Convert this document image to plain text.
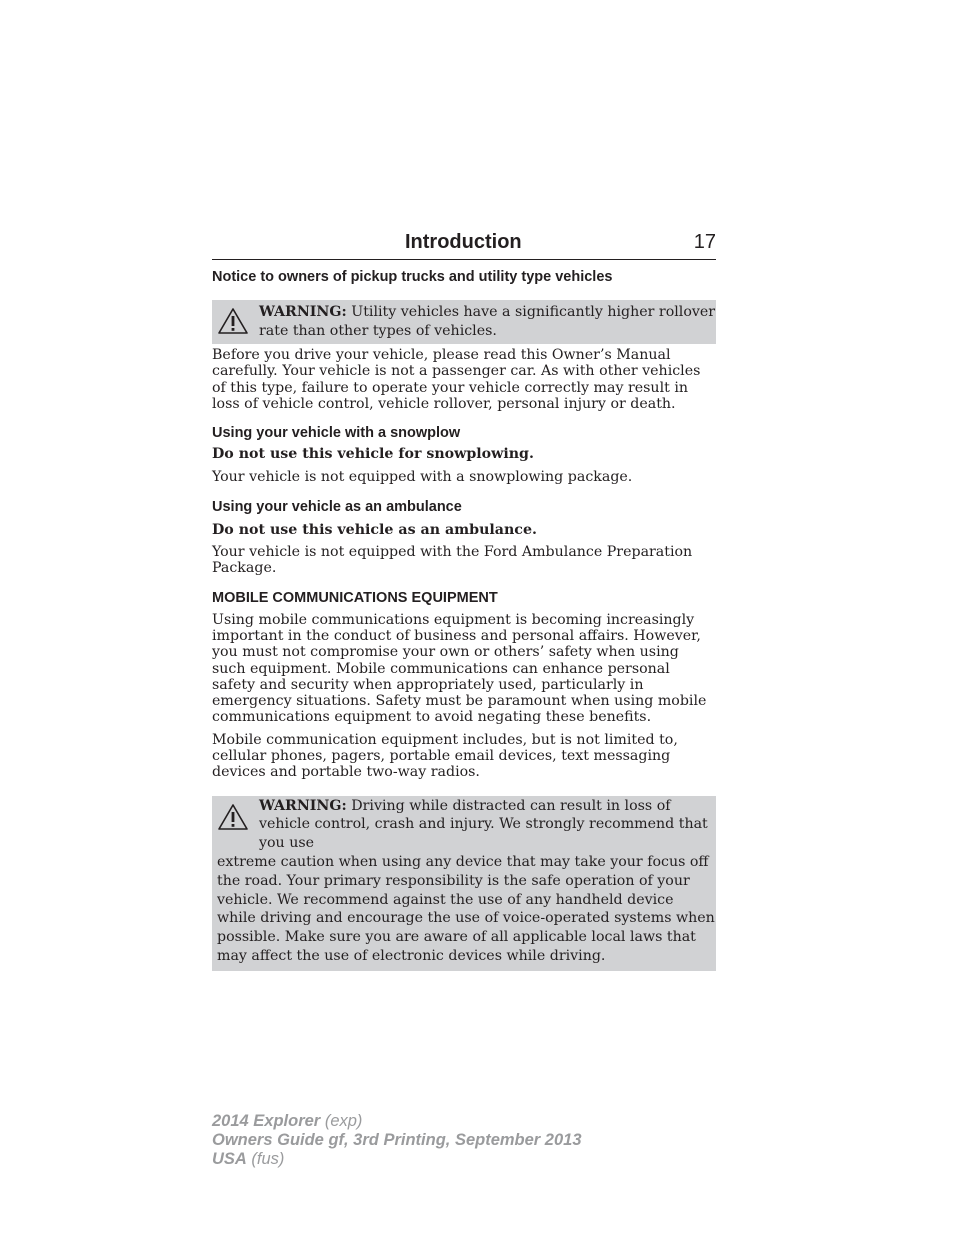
Introduction	17
Notice to owners of pickup trucks and utility type vehicles
WARNING: Utility vehicles have a significantly higher rollover rate than other types of vehicles.

Before you drive your vehicle, please read this Owner’s Manual carefully. Your vehicle is not a passenger car. As with other vehicles of this type, failure to operate your vehicle correctly may result in loss of vehicle control, vehicle rollover, personal injury or death.

Using your vehicle with a snowplow

Do not use this vehicle for snowplowing.

Your vehicle is not equipped with a snowplowing package.

Using your vehicle as an ambulance

Do not use this vehicle as an ambulance.

Your vehicle is not equipped with the Ford Ambulance Preparation Package.

MOBILE COMMUNICATIONS EQUIPMENT

Using mobile communications equipment is becoming increasingly important in the conduct of business and personal affairs. However, you must not compromise your own or others’ safety when using such equipment. Mobile communications can enhance personal safety and security when appropriately used, particularly in emergency situations. Safety must be paramount when using mobile communications equipment to avoid negating these benefits.

Mobile communication equipment includes, but is not limited to, cellular phones, pagers, portable email devices, text messaging devices and portable two-way radios.

WARNING: Driving while distracted can result in loss of vehicle control, crash and injury. We strongly recommend that you use
extreme caution when using any device that may take your focus off the road. Your primary responsibility is the safe operation of your vehicle. We recommend against the use of any handheld device while driving and encourage the use of voice-operated systems when possible. Make sure you are aware of all applicable local laws that may affect the use of electronic devices while driving.
2014 Explorer (exp)
Owners Guide gf, 3rd Printing, September 2013
USA (fus)
